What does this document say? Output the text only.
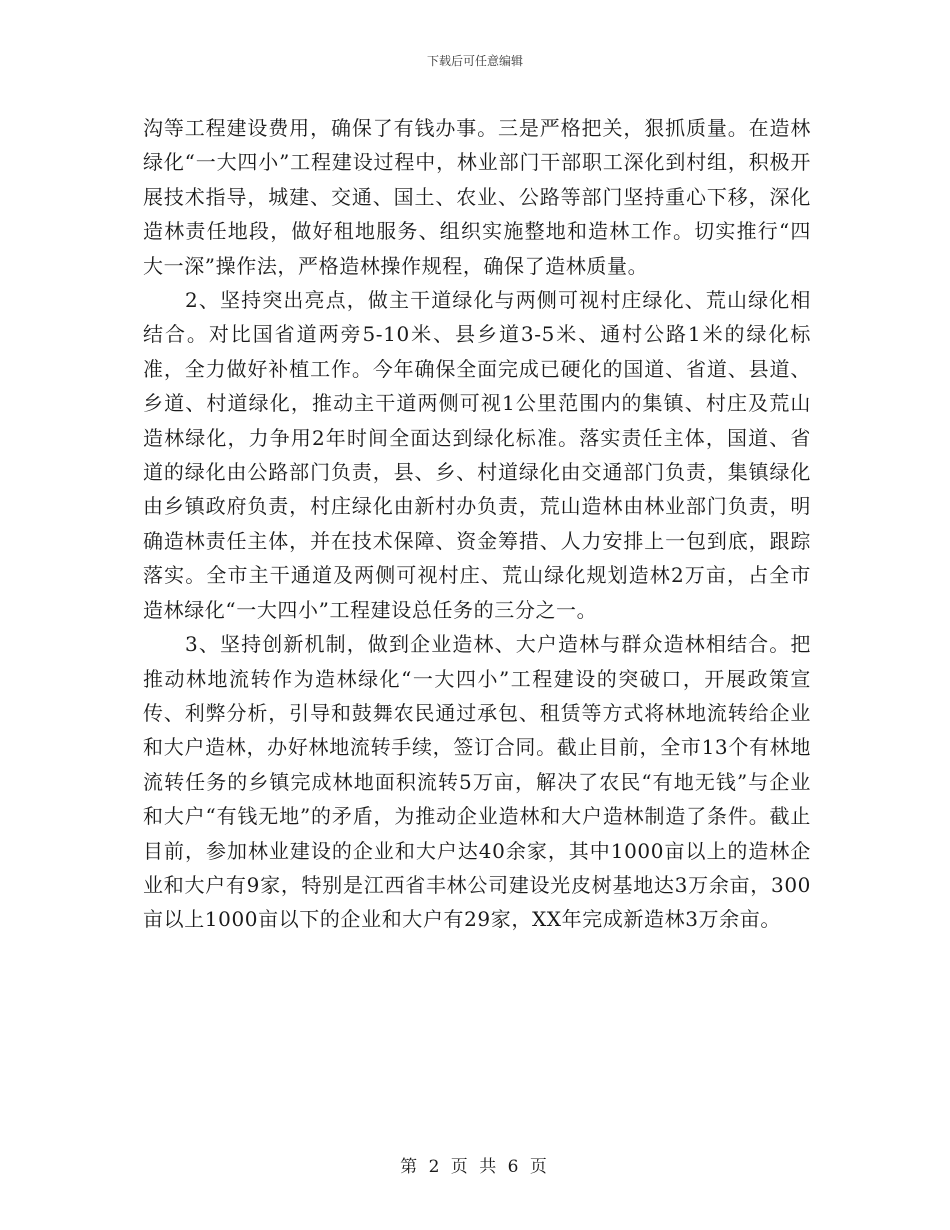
下载后可任意编辑

沟等工程建设费用，确保了有钱办事。三是严格把关，狠抓质量。在造林绿化“一大四小”工程建设过程中，林业部门干部职工深化到村组，积极开展技术指导，城建、交通、国土、农业、公路等部门坚持重心下移，深化造林责任地段，做好租地服务、组织实施整地和造林工作。切实推行“四大一深”操作法，严格造林操作规程，确保了造林质量。

2、坚持突出亮点，做主干道绿化与两侧可视村庄绿化、荒山绿化相结合。对比国省道两旁5-10米、县乡道3-5米、通村公路1米的绿化标准，全力做好补植工作。今年确保全面完成已硬化的国道、省道、县道、乡道、村道绿化，推动主干道两侧可视1公里范围内的集镇、村庄及荒山造林绿化，力争用2年时间全面达到绿化标准。落实责任主体，国道、省道的绿化由公路部门负责，县、乡、村道绿化由交通部门负责，集镇绿化由乡镇政府负责，村庄绿化由新村办负责，荒山造林由林业部门负责，明确造林责任主体，并在技术保障、资金筹措、人力安排上一包到底，跟踪落实。全市主干通道及两侧可视村庄、荒山绿化规划造林2万亩，占全市造林绿化“一大四小”工程建设总任务的三分之一。

3、坚持创新机制，做到企业造林、大户造林与群众造林相结合。把推动林地流转作为造林绿化“一大四小”工程建设的突破口，开展政策宣传、利弊分析，引导和鼓舞农民通过承包、租赁等方式将林地流转给企业和大户造林，办好林地流转手续，签订合同。截止目前，全市13个有林地流转任务的乡镇完成林地面积流转5万亩，解决了农民“有地无钱”与企业和大户“有钱无地”的矛盾，为推动企业造林和大户造林制造了条件。截止目前，参加林业建设的企业和大户达40余家，其中1000亩以上的造林企业和大户有9家，特别是江西省丰林公司建设光皮树基地达3万余亩，300亩以上1000亩以下的企业和大户有29家，XX年完成新造林3万余亩。

第 2 页 共 6 页
